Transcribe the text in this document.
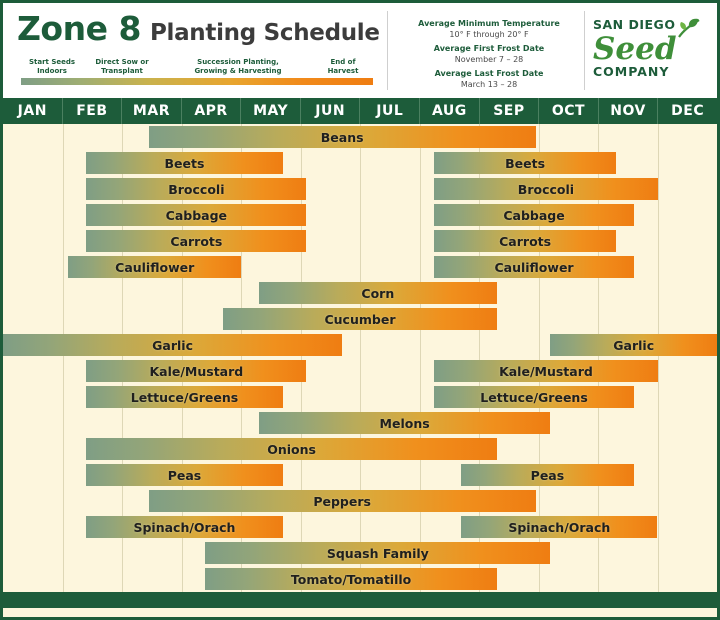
Zone 8 Planting Schedule
Start Seeds
Indoors
Direct Sow or
Transplant
Succession Planting,
Growing & Harvesting
End of
Harvest
Average Minimum Temperature
10° F through 20° F
Average First Frost Date
November 7 – 28
Average Last Frost Date
March 13 – 28
SAN DIEGO
Seed
COMPANY
JAN	FEB	MAR	APR	MAY	JUN	JUL	AUG	SEP	OCT	NOV	DEC
Beans
Beets	Beets
Broccoli	Broccoli
Cabbage	Cabbage
Carrots	Carrots
Cauliflower	Cauliflower
Corn
Cucumber
Garlic	Garlic
Kale/Mustard	Kale/Mustard
Lettuce/Greens	Lettuce/Greens
Melons
Onions
Peas	Peas
Peppers
Spinach/Orach	Spinach/Orach
Squash Family
Tomato/Tomatillo
